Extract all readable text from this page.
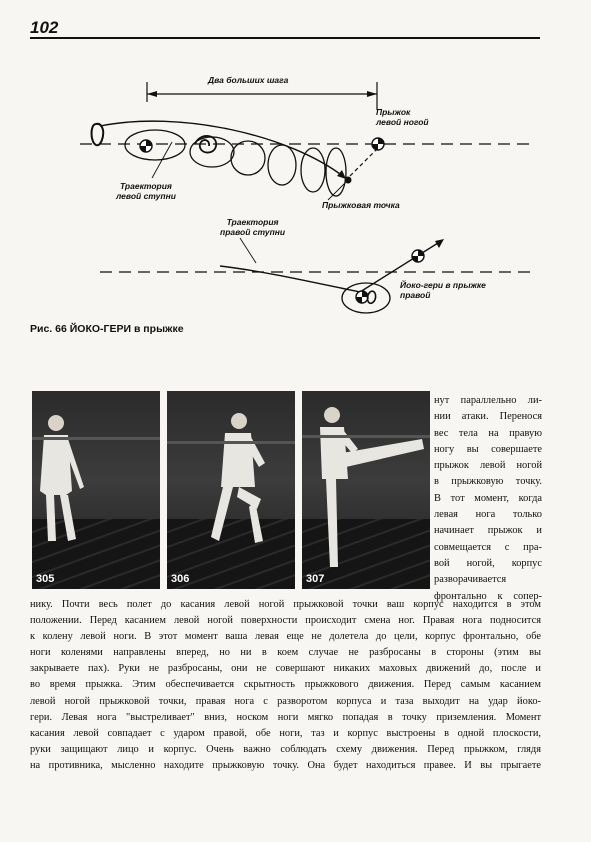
102
Два больших шага
Прыжок
левой ногой
Траектория
левой ступни
Прыжковая точка
Траектория
правой ступни
Йоко-гери в прыжке
правой
Рис. 66 ЙОКО-ГЕРИ в прыжке
305	306	307
нут параллельно ли-
нии атаки. Перенося
вес тела на правую
ногу вы совершаете
прыжок левой ногой
в прыжковую точку.
В тот момент, когда
левая нога только
начинает прыжок и
совмещается с пра-
вой ногой, корпус
разворачивается
фронтально к сопер-
нику. Почти весь полет до касания левой ногой прыжковой точки ваш корпус находится в этом
положении. Перед касанием левой ногой поверхности происходит смена ног. Правая нога подносится
к колену левой ноги. В этот момент ваша левая еще не долетела до цели, корпус фронтально, обе
ноги коленями направлены вперед, но ни в коем случае не разбросаны в стороны (этим вы
закрываете пах). Руки не разбросаны, они не совершают никаких маховых движений до, после и
во время прыжка. Этим обеспечивается скрытность прыжкового движения. Перед самым касанием
левой ногой прыжковой точки, правая нога с разворотом корпуса и таза выходит на удар йоко-
гери. Левая нога "выстреливает" вниз, носком ноги мягко попадая в точку приземления. Момент
касания левой совпадает с ударом правой, обе ноги, таз и корпус выстроены в одной плоскости,
руки защищают лицо и корпус. Очень важно соблюдать схему движения. Перед прыжком, глядя
на противника, мысленно находите прыжковую точку. Она будет находиться правее. И вы прыгаете
